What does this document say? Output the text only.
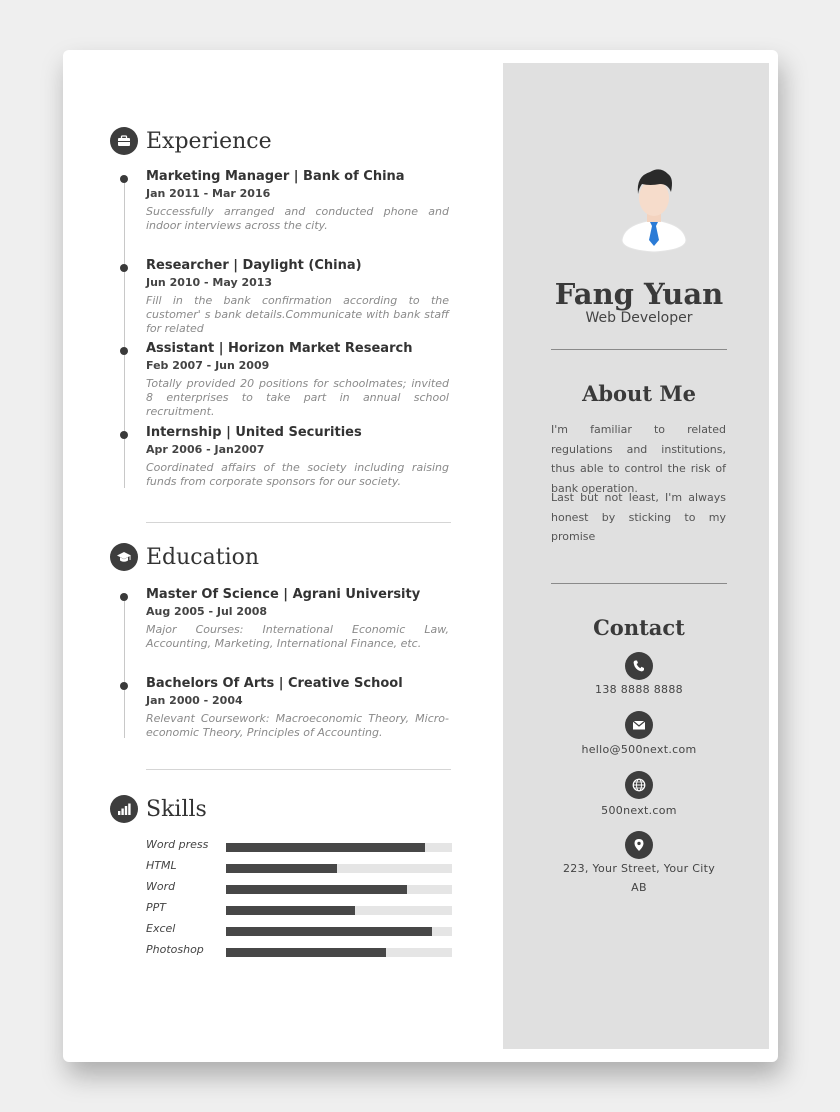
Experience
Marketing Manager | Bank of China
Jan 2011 - Mar 2016
Successfully arranged and conducted phone and indoor interviews across the city.
Researcher | Daylight (China)
Jun 2010 - May 2013
Fill in the bank confirmation according to the customer' s bank details.Communicate with bank staff for related
Assistant | Horizon Market Research
Feb 2007 - Jun 2009
Totally provided 20 positions for schoolmates; invited 8 enterprises to take part in annual school recruitment.
Internship | United Securities
Apr 2006 - Jan2007
Coordinated affairs of the society including raising funds from corporate sponsors for our society.
Education
Master Of Science | Agrani University
Aug 2005 - Jul 2008
Major Courses: International Economic Law, Accounting, Marketing, International Finance, etc.
Bachelors Of Arts | Creative School
Jan 2000 - 2004
Relevant Coursework: Macroeconomic Theory, Micro-economic Theory, Principles of Accounting.
Skills
Word press
HTML
Word
PPT
Excel
Photoshop
Fang Yuan
Web Developer
About Me
I'm familiar to related regulations and institutions, thus able to control the risk of bank operation.
Last but not least, I'm always honest by sticking to my promise
Contact
138 8888 8888
hello@500next.com
500next.com
223, Your Street, Your City
AB
